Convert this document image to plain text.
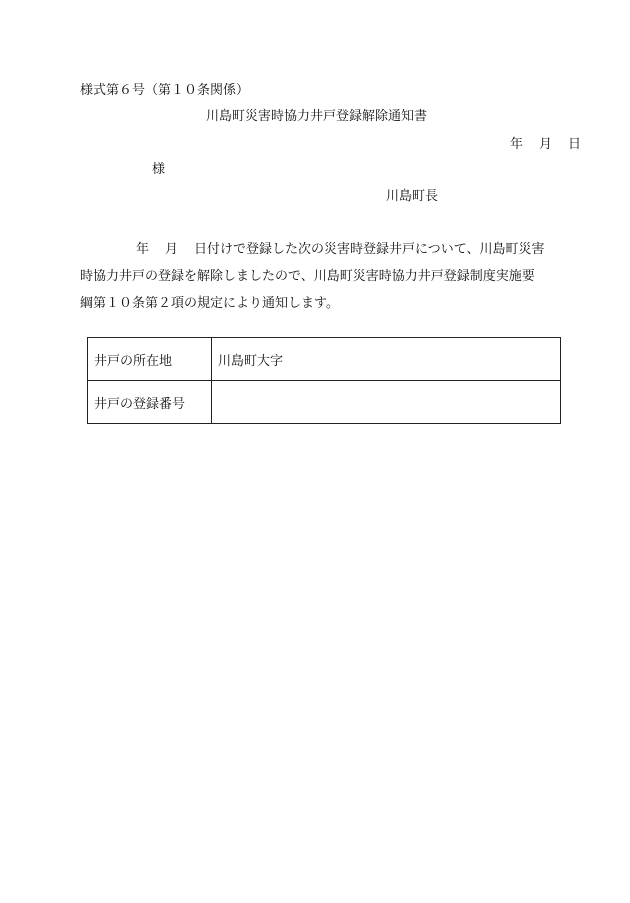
様式第６号（第１０条関係）
川島町災害時協力井戸登録解除通知書
年 月 日
様
川島町長
年 月 日付けで登録した次の災害時登録井戸について、川島町災害
時協力井戸の登録を解除しましたので、川島町災害時協力井戸登録制度実施要
綱第１０条第２項の規定により通知します。
井戸の所在地	川島町大字
井戸の登録番号	
